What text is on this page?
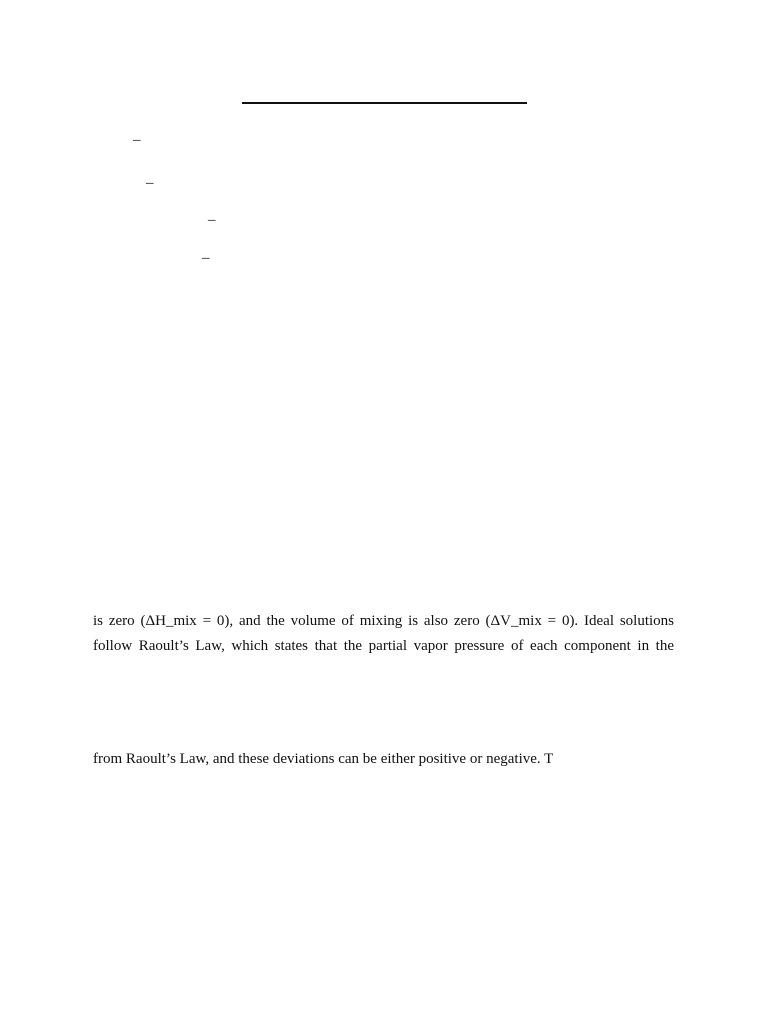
_
_
_
_
is zero (ΔH_mix = 0), and the volume of mixing is also zero (ΔV_mix = 0). Ideal solutions
follow Raoult’s Law, which states that the partial vapor pressure of each component in the
from Raoult’s Law, and these deviations can be either positive or negative. T
